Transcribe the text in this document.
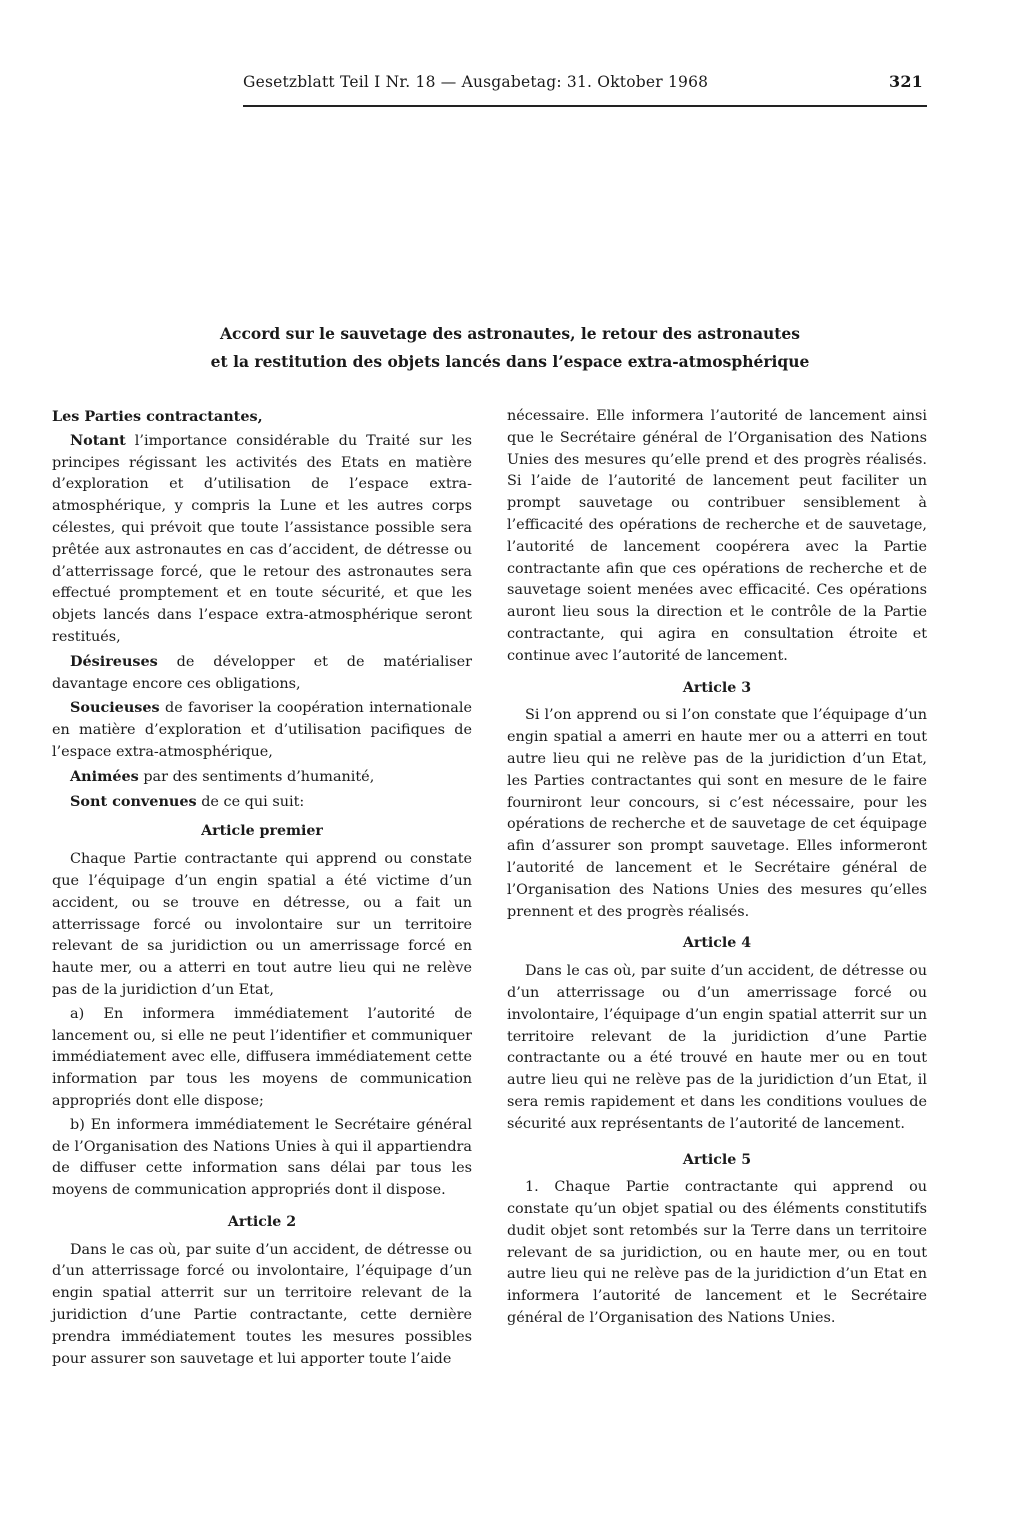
Gesetzblatt Teil I Nr. 18 — Ausgabetag: 31. Oktober 1968	321
Accord sur le sauvetage des astronautes, le retour des astronautes
et la restitution des objets lancés dans l’espace extra-atmosphérique

Les Parties contractantes,

Notant l’importance considérable du Traité sur les principes régissant les activités des Etats en matière d’exploration et d’utilisation de l’espace extra-atmosphérique, y compris la Lune et les autres corps célestes, qui prévoit que toute l’assistance possible sera prêtée aux astronautes en cas d’accident, de détresse ou d’atterrissage forcé, que le retour des astronautes sera effectué promptement et en toute sécurité, et que les objets lancés dans l’espace extra-atmosphérique seront restitués,

Désireuses de développer et de matérialiser davantage encore ces obligations,

Soucieuses de favoriser la coopération internationale en matière d’exploration et d’utilisation pacifiques de l’espace extra-atmosphérique,

Animées par des sentiments d’humanité,

Sont convenues de ce qui suit:

Article premier

Chaque Partie contractante qui apprend ou constate que l’équipage d’un engin spatial a été victime d’un accident, ou se trouve en détresse, ou a fait un atterrissage forcé ou involontaire sur un territoire relevant de sa juridiction ou un amerrissage forcé en haute mer, ou a atterri en tout autre lieu qui ne relève pas de la juridiction d’un Etat,

a) En informera immédiatement l’autorité de lancement ou, si elle ne peut l’identifier et communiquer immédiatement avec elle, diffusera immédiatement cette information par tous les moyens de communication appropriés dont elle dispose;

b) En informera immédiatement le Secrétaire général de l’Organisation des Nations Unies à qui il appartiendra de diffuser cette information sans délai par tous les moyens de communication appropriés dont il dispose.

Article 2

Dans le cas où, par suite d’un accident, de détresse ou d’un atterrissage forcé ou involontaire, l’équipage d’un engin spatial atterrit sur un territoire relevant de la juridiction d’une Partie contractante, cette dernière prendra immédiatement toutes les mesures possibles pour assurer son sauvetage et lui apporter toute l’aide

nécessaire. Elle informera l’autorité de lancement ainsi que le Secrétaire général de l’Organisation des Nations Unies des mesures qu’elle prend et des progrès réalisés. Si l’aide de l’autorité de lancement peut faciliter un prompt sauvetage ou contribuer sensiblement à l’efficacité des opérations de recherche et de sauvetage, l’autorité de lancement coopérera avec la Partie contractante afin que ces opérations de recherche et de sauvetage soient menées avec efficacité. Ces opérations auront lieu sous la direction et le contrôle de la Partie contractante, qui agira en consultation étroite et continue avec l’autorité de lancement.

Article 3

Si l’on apprend ou si l’on constate que l’équipage d’un engin spatial a amerri en haute mer ou a atterri en tout autre lieu qui ne relève pas de la juridiction d’un Etat, les Parties contractantes qui sont en mesure de le faire fourniront leur concours, si c’est nécessaire, pour les opérations de recherche et de sauvetage de cet équipage afin d’assurer son prompt sauvetage. Elles informeront l’autorité de lancement et le Secrétaire général de l’Organisation des Nations Unies des mesures qu’elles prennent et des progrès réalisés.

Article 4

Dans le cas où, par suite d’un accident, de détresse ou d’un atterrissage ou d’un amerrissage forcé ou involontaire, l’équipage d’un engin spatial atterrit sur un territoire relevant de la juridiction d’une Partie contractante ou a été trouvé en haute mer ou en tout autre lieu qui ne relève pas de la juridiction d’un Etat, il sera remis rapidement et dans les conditions voulues de sécurité aux représentants de l’autorité de lancement.

Article 5

1. Chaque Partie contractante qui apprend ou constate qu’un objet spatial ou des éléments constitutifs dudit objet sont retombés sur la Terre dans un territoire relevant de sa juridiction, ou en haute mer, ou en tout autre lieu qui ne relève pas de la juridiction d’un Etat en informera l’autorité de lancement et le Secrétaire général de l’Organisation des Nations Unies.
